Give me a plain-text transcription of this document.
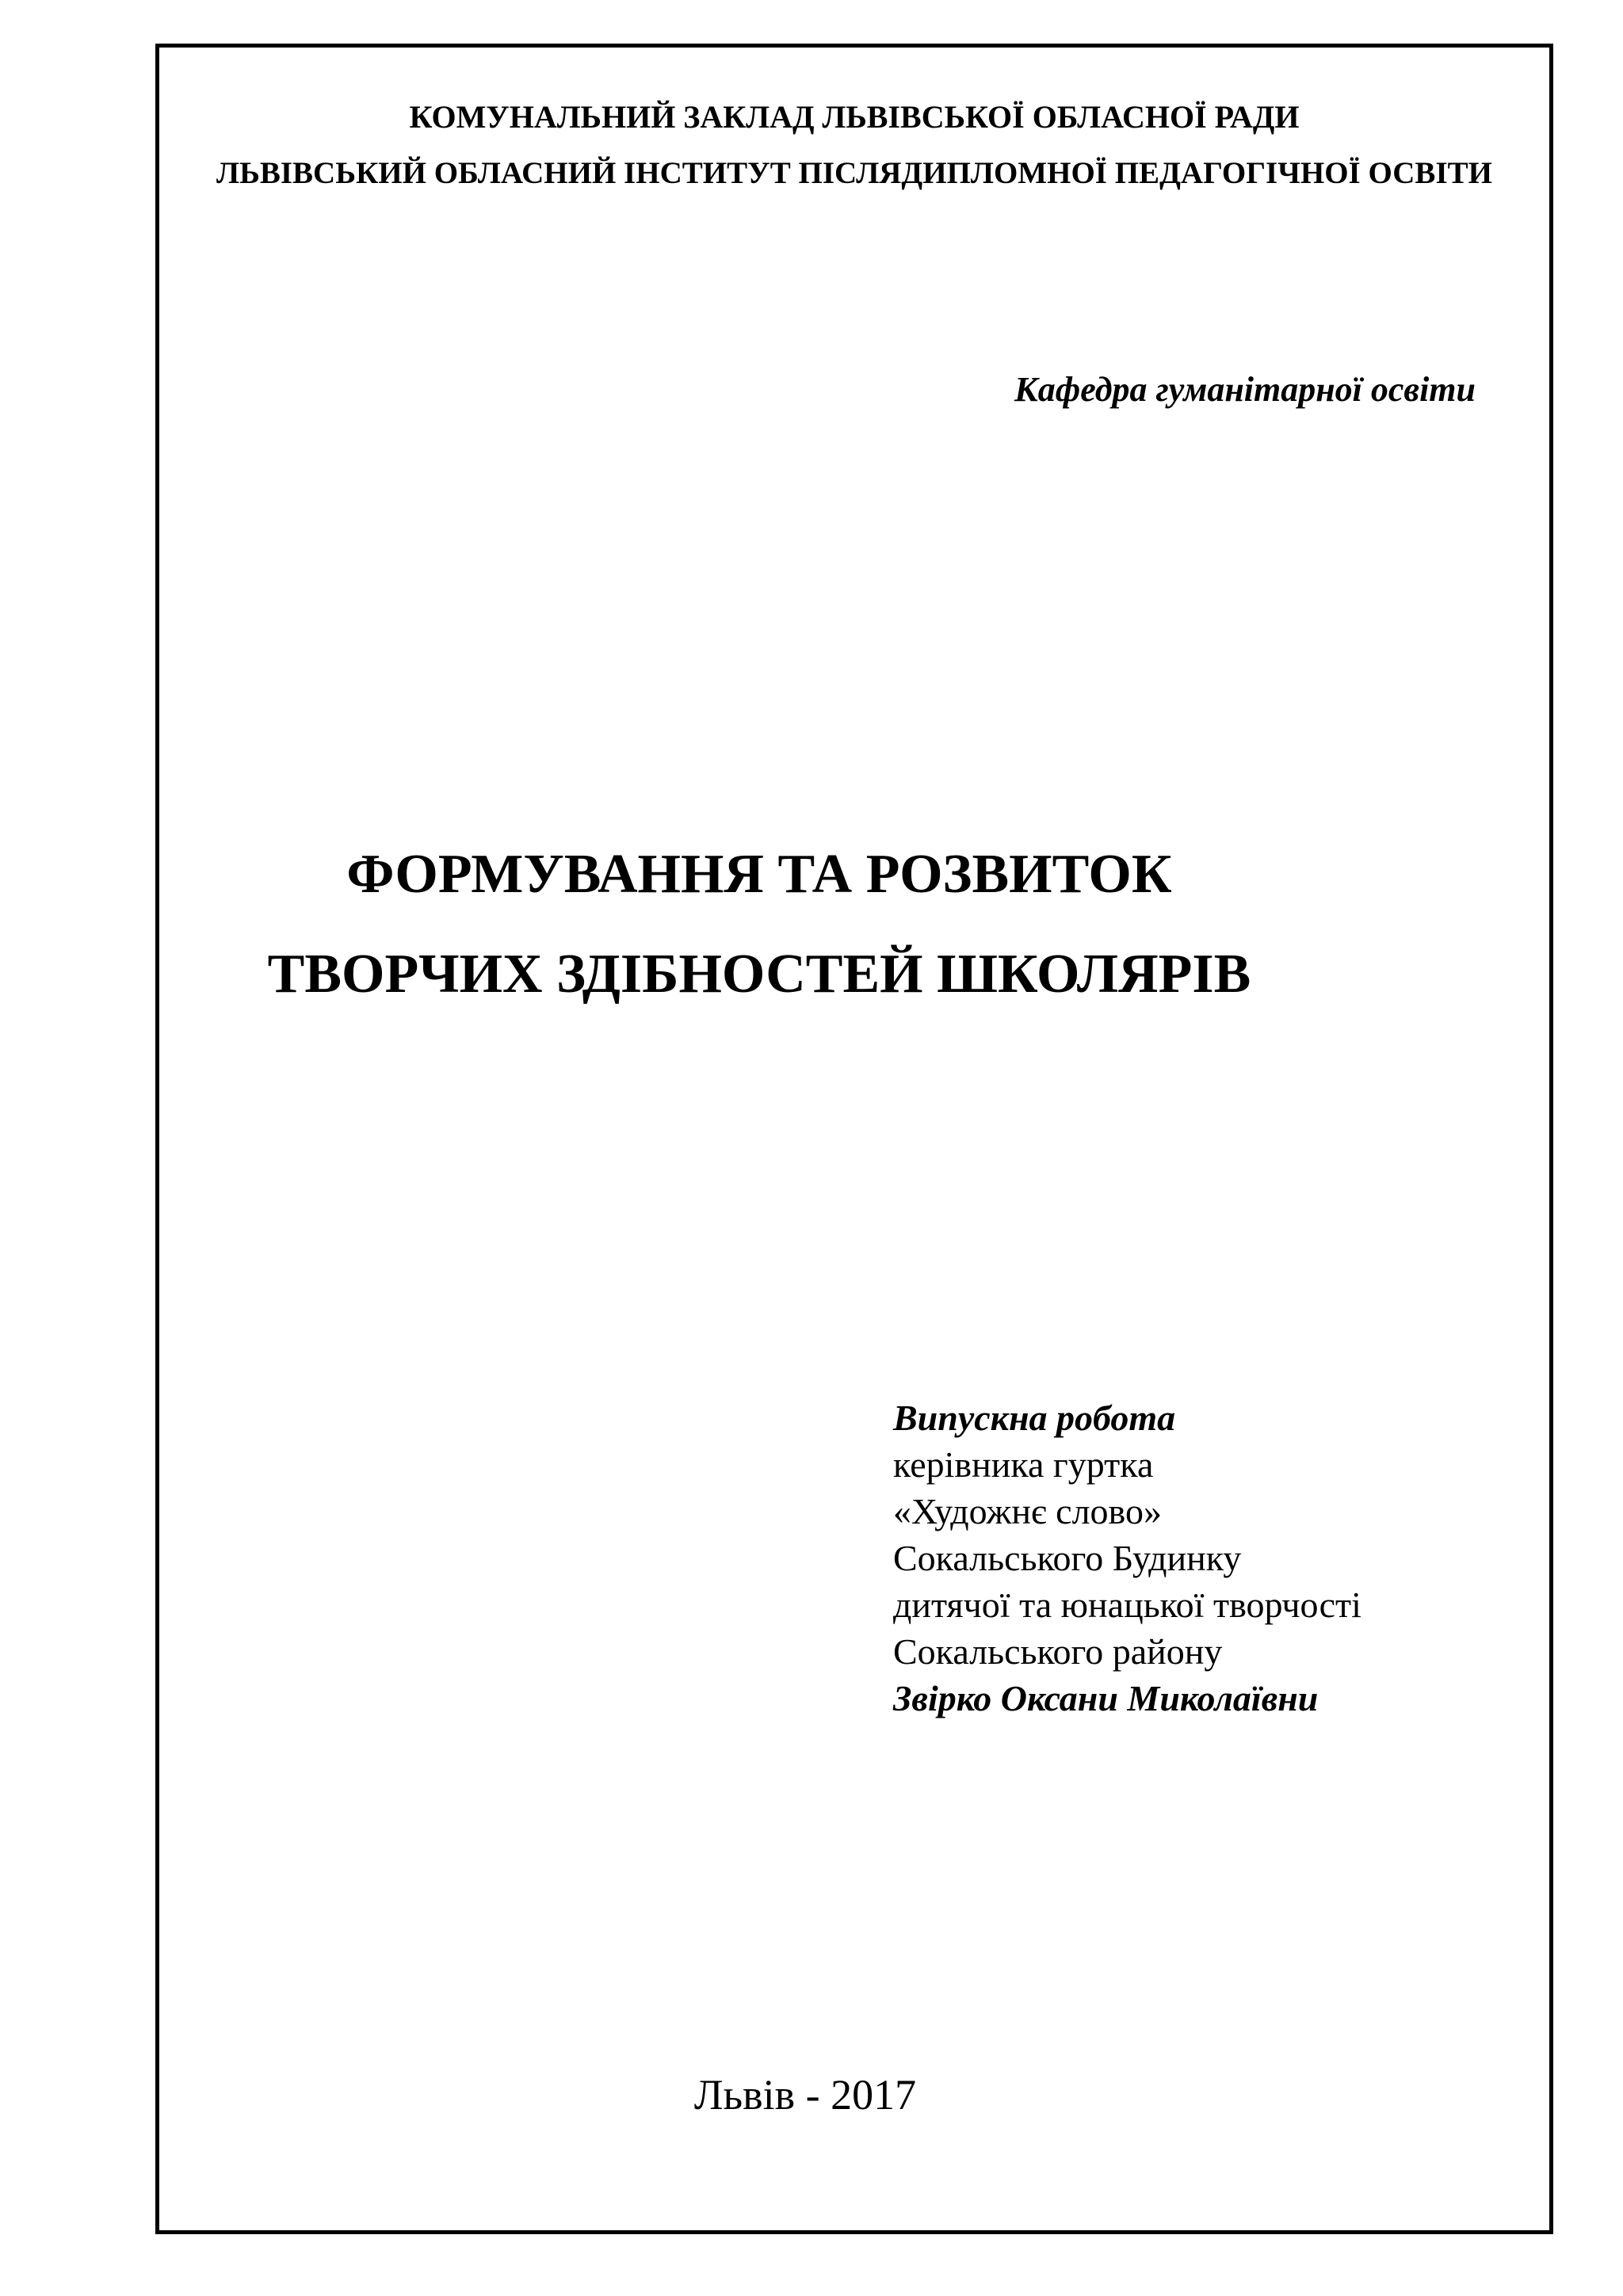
КОМУНАЛЬНИЙ ЗАКЛАД ЛЬВІВСЬКОЇ ОБЛАСНОЇ РАДИ
ЛЬВІВСЬКИЙ ОБЛАСНИЙ ІНСТИТУТ ПІСЛЯДИПЛОМНОЇ ПЕДАГОГІЧНОЇ ОСВІТИ
Кафедра гуманітарної освіти
ФОРМУВАННЯ ТА РОЗВИТОК
ТВОРЧИХ ЗДІБНОСТЕЙ ШКОЛЯРІВ
Випускна робота
керівника гуртка
«Художнє слово»
Сокальського Будинку
дитячої та юнацької творчості
Сокальського району
Звірко Оксани Миколаївни
Львів - 2017
